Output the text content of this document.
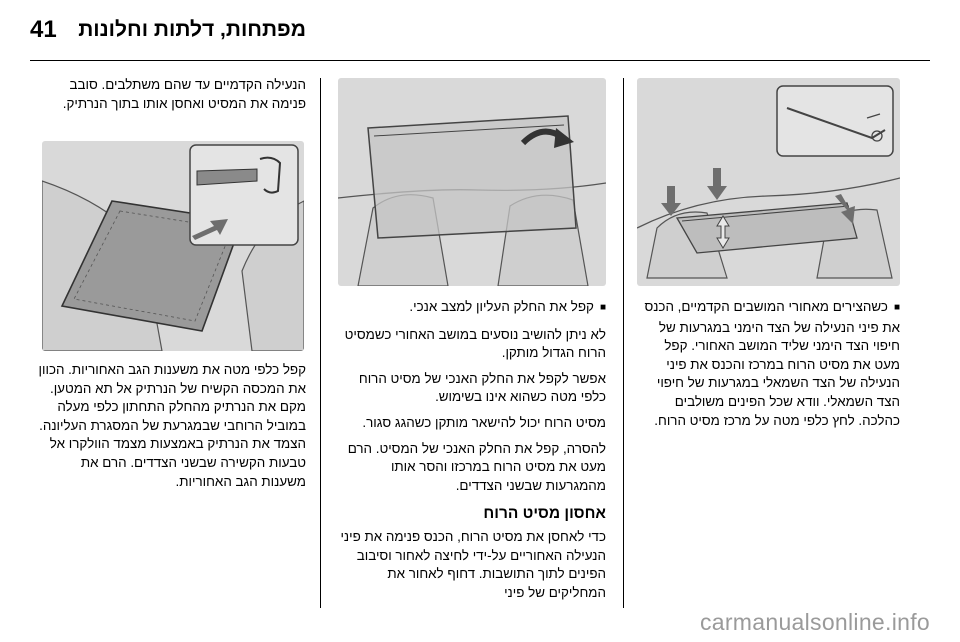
41 מפתחות, דלתות וחלונות

■ כשהצירים מאחורי המושבים הקדמיים, הכנס את פיני הנעילה של הצד הימני במגרעות של חיפוי הצד הימני שליד המושב האחורי. קפל מעט את מסיט הרוח במרכז והכנס את פיני הנעילה של הצד השמאלי במגרעות של חיפוי הצד השמאלי. וודא שכל הפינים משולבים כהלכה. לחץ כלפי מטה על מרכז מסיט הרוח.

■ קפל את החלק העליון למצב אנכי.

לא ניתן להושיב נוסעים במושב האחורי כשמסיט הרוח הגדול מותקן.

אפשר לקפל את החלק האנכי של מסיט הרוח כלפי מטה כשהוא אינו בשימוש.

מסיט הרוח יכול להישאר מותקן כשהגג סגור.

להסרה, קפל את החלק האנכי של המסיט. הרם מעט את מסיט הרוח במרכזו והסר אותו מהמגרעות שבשני הצדדים.

אחסון מסיט הרוח

כדי לאחסן את מסיט הרוח, הכנס פנימה את פיני הנעילה האחוריים על-ידי לחיצה לאחור וסיבוב הפינים לתוך התושבות. דחוף לאחור את המחליקים של פיני

הנעילה הקדמיים עד שהם משתלבים. סובב פנימה את המסיט ואחסן אותו בתוך הנרתיק.

קפל כלפי מטה את משענות הגב האחוריות. הכוון את המכסה הקשיח של הנרתיק אל תא המטען. מקם את הנרתיק מהחלק התחתון כלפי מעלה במוביל הרוחבי שבמגרעת של המסגרת העליונה. הצמד את הנרתיק באמצעות מצמד הוולקרו אל טבעות הקשירה שבשני הצדדים. הרם את משענות הגב האחוריות.

carmanualsonline.info
